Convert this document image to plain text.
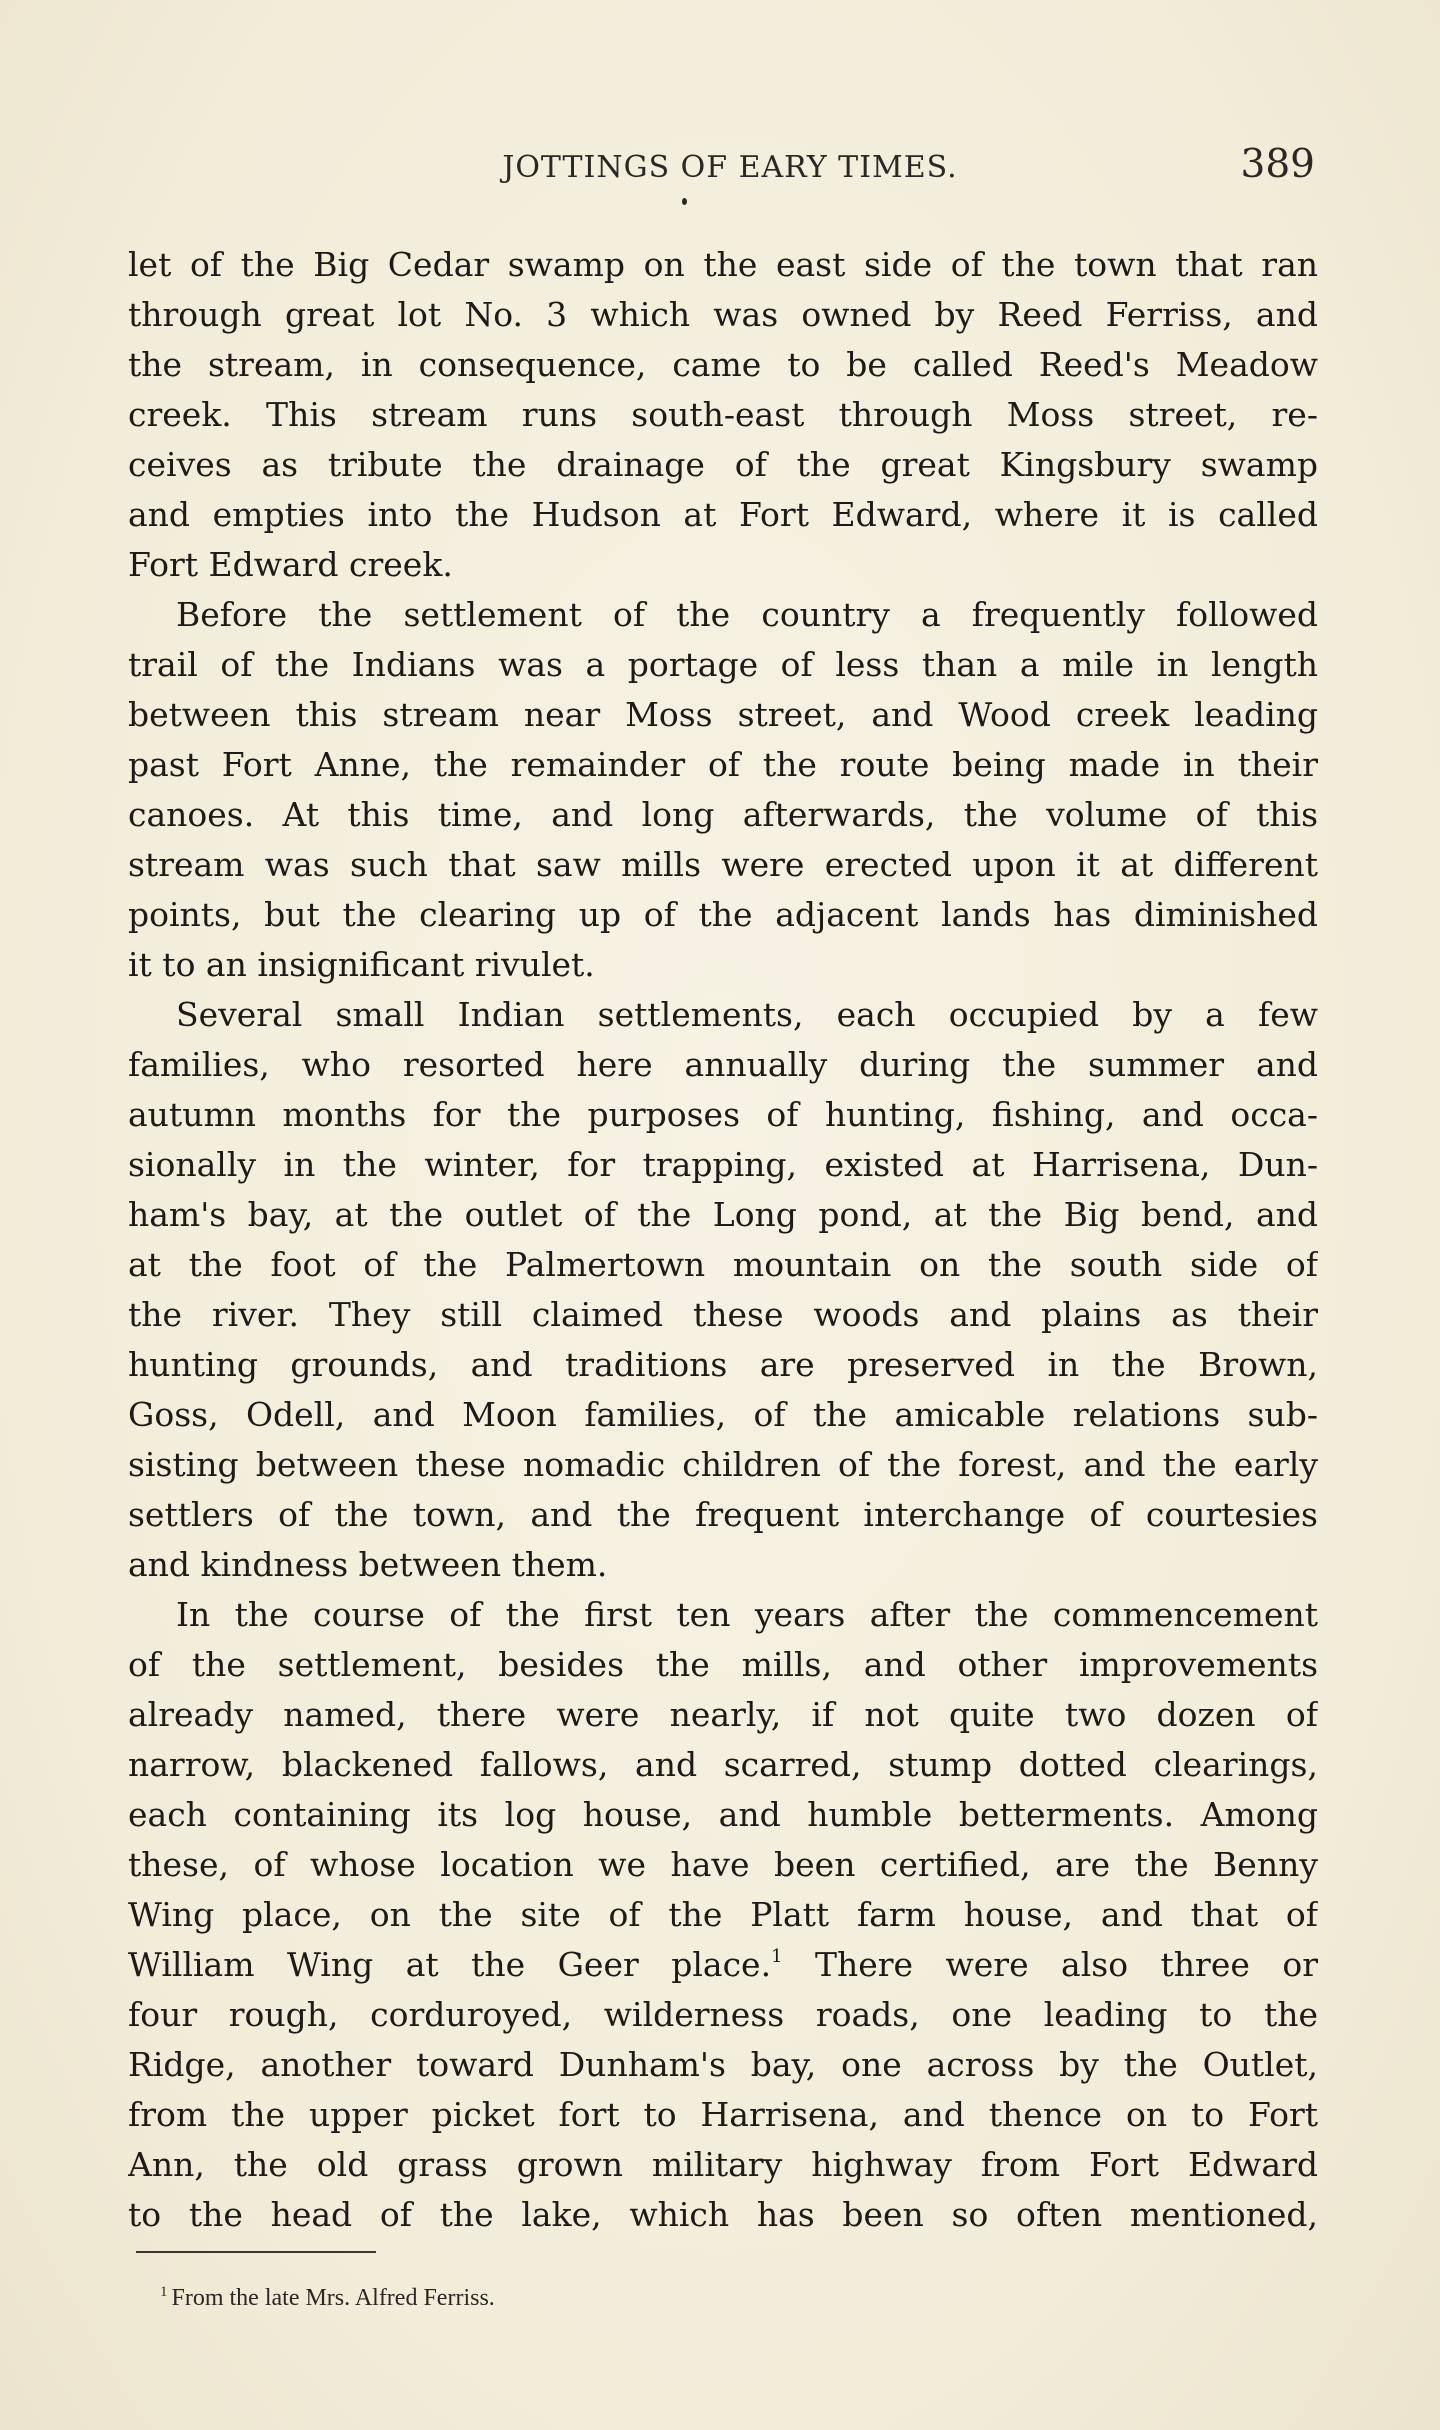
JOTTINGS OF EARY TIMES.	389
let of the Big Cedar swamp on the east side of the town that ran
through great lot No. 3 which was owned by Reed Ferriss, and
the stream, in consequence, came to be called Reed's Meadow
creek. This stream runs south-east through Moss street, re-
ceives as tribute the drainage of the great Kingsbury swamp
and empties into the Hudson at Fort Edward, where it is called
Fort Edward creek.
Before the settlement of the country a frequently followed
trail of the Indians was a portage of less than a mile in length
between this stream near Moss street, and Wood creek leading
past Fort Anne, the remainder of the route being made in their
canoes. At this time, and long afterwards, the volume of this
stream was such that saw mills were erected upon it at different
points, but the clearing up of the adjacent lands has diminished
it to an insignificant rivulet.
Several small Indian settlements, each occupied by a few
families, who resorted here annually during the summer and
autumn months for the purposes of hunting, fishing, and occa-
sionally in the winter, for trapping, existed at Harrisena, Dun-
ham's bay, at the outlet of the Long pond, at the Big bend, and
at the foot of the Palmertown mountain on the south side of
the river. They still claimed these woods and plains as their
hunting grounds, and traditions are preserved in the Brown,
Goss, Odell, and Moon families, of the amicable relations sub-
sisting between these nomadic children of the forest, and the early
settlers of the town, and the frequent interchange of courtesies
and kindness between them.
In the course of the first ten years after the commencement
of the settlement, besides the mills, and other improvements
already named, there were nearly, if not quite two dozen of
narrow, blackened fallows, and scarred, stump dotted clearings,
each containing its log house, and humble betterments. Among
these, of whose location we have been certified, are the Benny
Wing place, on the site of the Platt farm house, and that of
William Wing at the Geer place.$^1$ There were also three or
four rough, corduroyed, wilderness roads, one leading to the
Ridge, another toward Dunham's bay, one across by the Outlet,
from the upper picket fort to Harrisena, and thence on to Fort
Ann, the old grass grown military highway from Fort Edward
to the head of the lake, which has been so often mentioned,
$^1$ From the late Mrs. Alfred Ferriss.
